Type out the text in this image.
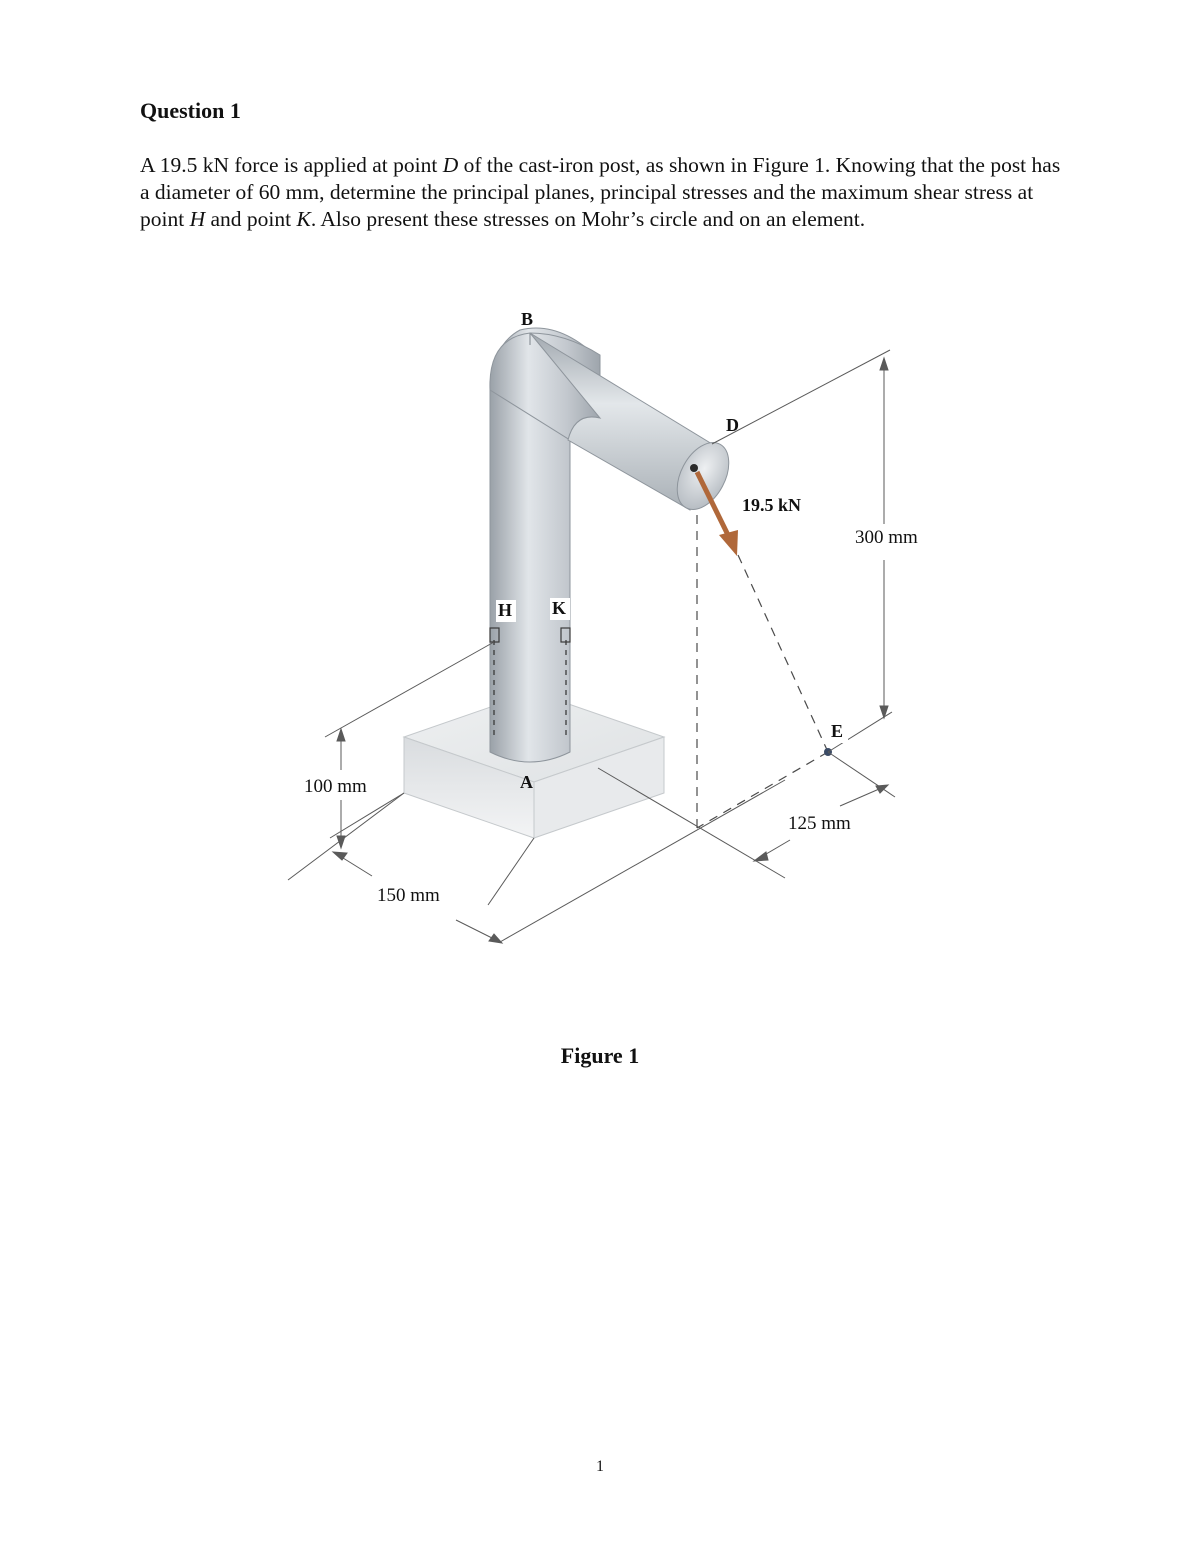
Question 1

A 19.5 kN force is applied at point D of the cast-iron post, as shown in Figure 1. Knowing that the post has a diameter of 60 mm, determine the principal planes, principal stresses and the maximum shear stress at point H and point K. Also present these stresses on Mohr’s circle and on an element.

B
D
H K
A
E
19.5 kN
300 mm
100 mm
150 mm
125 mm
Figure 1
1
